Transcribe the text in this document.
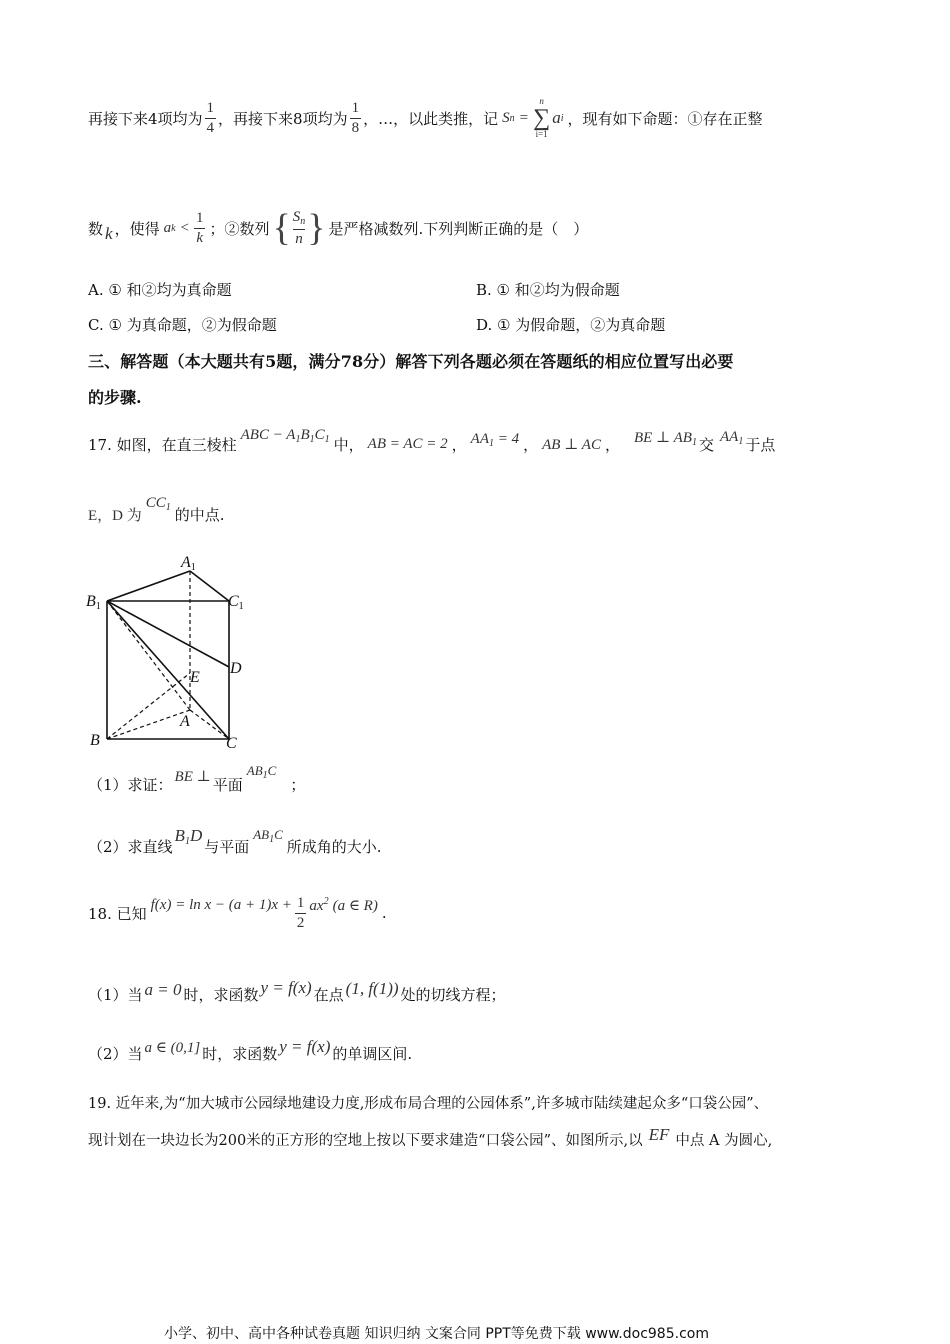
再接下来4项均为 $\frac{1}{4}$ ，再接下来8项均为 $\frac{1}{8}$ ，…，以此类推，记 S n =
n
∑
i=1
a i ，现有如下命题：①存在正整
数 k ，使得 a $k < \frac{1}{k}$ ；②数列 { $\frac{S_n}{n}$ } 是严格减数列.下列判断正确的是（　）
A. ① 和②均为真命题	B. ① 和②均为假命题
C. ① 为真命题，②为假命题	D. ① 为假命题，②为真命题
三、解答题（本大题共有5题，满分78分）解答下列各题必须在答题纸的相应位置写出必要
的步骤.
17. 如图，在直三棱柱
ABC − $A_1B_1C_1$ 中， AB = AC = 2 ， $AA_1 = 4$ ， AB ⊥ AC ， BE ⊥ $AB_1$ 交 $AA_1$ 于点
E，D 为
$CC_1$ 的中点.
A1
B1	C1
D
E
A
B	C
（1）求证： BE ⊥ 平面
$AB_1C$
；
（2）求直线
$B_1D$
与平面
$AB_1C$
所成角的大小.
18. 已知 $f(x) = \ln x - (a + 1)x + \frac{1}{2} ax^2$ (a ∈ R) .
（1）当 a = 0 时，求函数 y = f(x) 在点 (1, f(1)) 处的切线方程；
（2）当 a ∈ (0,1] 时，求函数 y = f(x) 的单调区间.
19. 近年来,为“加大城市公园绿地建设力度,形成布局合理的公园体系”,许多城市陆续建起众多“口袋公园”、
现计划在一块边长为200米的正方形的空地上按以下要求建造“口袋公园”、如图所示,以 EF 中点 A 为圆心,
小学、初中、高中各种试卷真题 知识归纳 文案合同 PPT等免费下载 www.doc985.com
